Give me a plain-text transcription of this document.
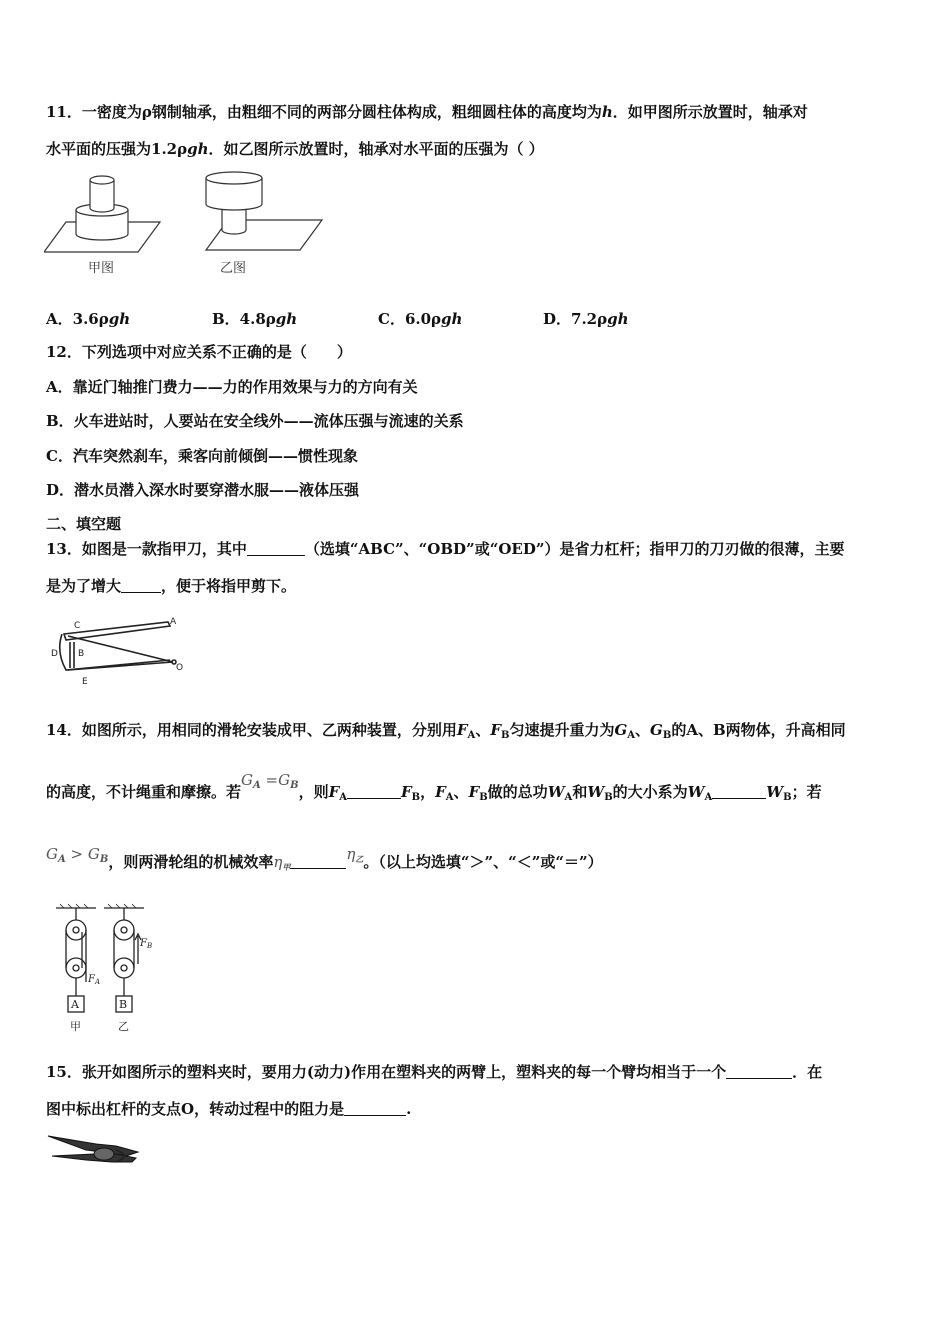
11．一密度为ρ钢制轴承，由粗细不同的两部分圆柱体构成，粗细圆柱体的高度均为h．如甲图所示放置时，轴承对
水平面的压强为1.2ρgh．如乙图所示放置时，轴承对水平面的压强为（ ）
甲图	乙图
A．3.6ρgh	B．4.8ρgh	C．6.0ρgh	D．7.2ρgh
12．下列选项中对应关系不正确的是（　　）
A．靠近门轴推门费力——力的作用效果与力的方向有关
B．火车进站时，人要站在安全线外——流体压强与流速的关系
C．汽车突然刹车，乘客向前倾倒——惯性现象
D．潜水员潜入深水时要穿潜水服——液体压强
二、填空题
13．如图是一款指甲刀，其中	（选填“ABC”、“OBD”或“OED”）是省力杠杆；指甲刀的刀刃做的很薄，主要
是为了增大	，便于将指甲剪下。
C	A
B
D
E
O
14．如图所示，用相同的滑轮安装成甲、乙两种装置，分别用$F_A$、$F_B$匀速提升重力为$G_A$、$G_B$的A、B两物体，升高相同
的高度，不计绳重和摩擦。若$G_A =G_B$，则$F_A$	$F_B$，$F_A$、$F_B$做的总功$W_A$和$W_B$的大小系为$W_A$	$W_B$；若
$G_A > G_B$，则两滑轮组的机械效率$\eta_甲\eta_乙$。（以上均选填“＞”、“＜”或“＝”）
$F_A$
$F_B$
A	B
甲	乙
15．张开如图所示的塑料夹时，要用力(动力)作用在塑料夹的两臂上，塑料夹的每一个臂均相当于一个	．在
图中标出杠杆的支点O，转动过程中的阻力是	.
